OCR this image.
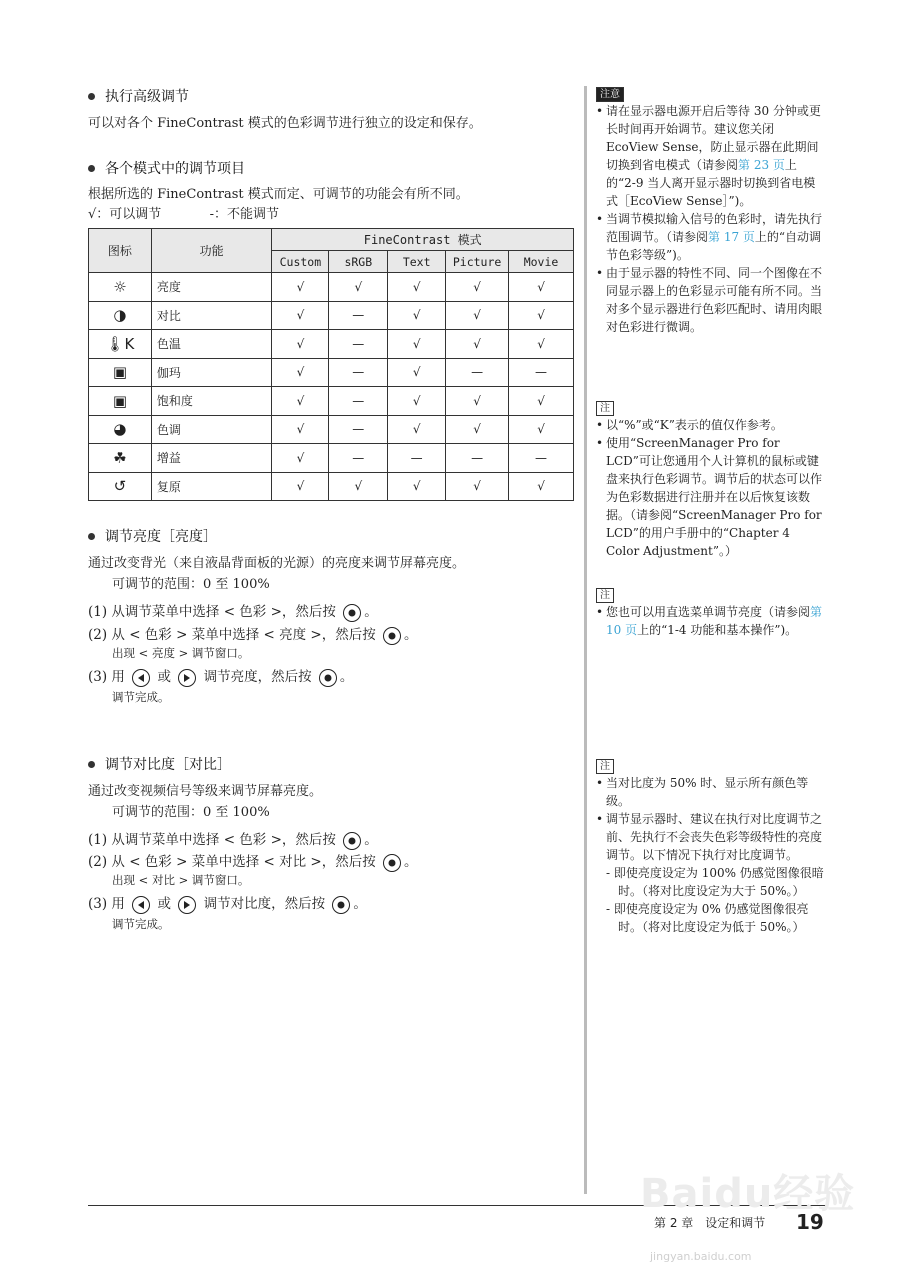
执行高级调节
可以对各个 FineContrast 模式的色彩调节进行独立的设定和保存。
各个模式中的调节项目
根据所选的 FineContrast 模式而定、可调节的功能会有所不同。
√：可以调节	-：不能调节
图标	功能	FineContrast 模式				
		Custom	sRGB	Text	Picture	Movie
☼	亮度	√	√	√	√	√
◑	对比	√	—	√	√	√
🌡K	色温	√	—	√	√	√
▣	伽玛	√	—	√	—	—
▣	饱和度	√	—	√	√	√
◕	色调	√	—	√	√	√
☘	增益	√	—	—	—	—
↺	复原	√	√	√	√	√
调节亮度［亮度］
通过改变背光（来自液晶背面板的光源）的亮度来调节屏幕亮度。
可调节的范围：0 至 100%
(1) 从调节菜单中选择 < 色彩 >，然后按 。
(2) 从 < 色彩 > 菜单中选择 < 亮度 >，然后按 。
出现 < 亮度 > 调节窗口。
(3) 用 或 调节亮度，然后按 。
调节完成。
调节对比度［对比］
通过改变视频信号等级来调节屏幕亮度。
可调节的范围：0 至 100%
(1) 从调节菜单中选择 < 色彩 >，然后按 。
(2) 从 < 色彩 > 菜单中选择 < 对比 >，然后按 。
出现 < 对比 > 调节窗口。
(3) 用 或 调节对比度，然后按 。
调节完成。
注意
• 请在显示器电源开启后等待 30 分钟或更长时间再开始调节。建议您关闭 EcoView Sense，防止显示器在此期间切换到省电模式（请参阅第 23 页上的“2-9 当人离开显示器时切换到省电模式［EcoView Sense］”)。
• 当调节模拟输入信号的色彩时，请先执行范围调节。（请参阅第 17 页上的“自动调节色彩等级”)。
• 由于显示器的特性不同、同一个图像在不同显示器上的色彩显示可能有所不同。当对多个显示器进行色彩匹配时、请用肉眼对色彩进行微调。
注
• 以“%”或“K”表示的值仅作参考。
• 使用“ScreenManager Pro for LCD”可让您通用个人计算机的鼠标或键盘来执行色彩调节。调节后的状态可以作为色彩数据进行注册并在以后恢复该数据。（请参阅“ScreenManager Pro for LCD”的用户手册中的“Chapter 4 Color Adjustment”。）
注
• 您也可以用直选菜单调节亮度（请参阅第 10 页上的“1-4 功能和基本操作”)。
注
• 当对比度为 50% 时、显示所有颜色等级。
• 调节显示器时、建议在执行对比度调节之前、先执行不会丧失色彩等级特性的亮度调节。以下情况下执行对比度调节。
- 即使亮度设定为 100% 仍感觉图像很暗时。（将对比度设定为大于 50%。）
- 即使亮度设定为 0% 仍感觉图像很亮时。（将对比度设定为低于 50%。）
第 2 章　设定和调节 19
Baidu经验
jingyan.baidu.com
